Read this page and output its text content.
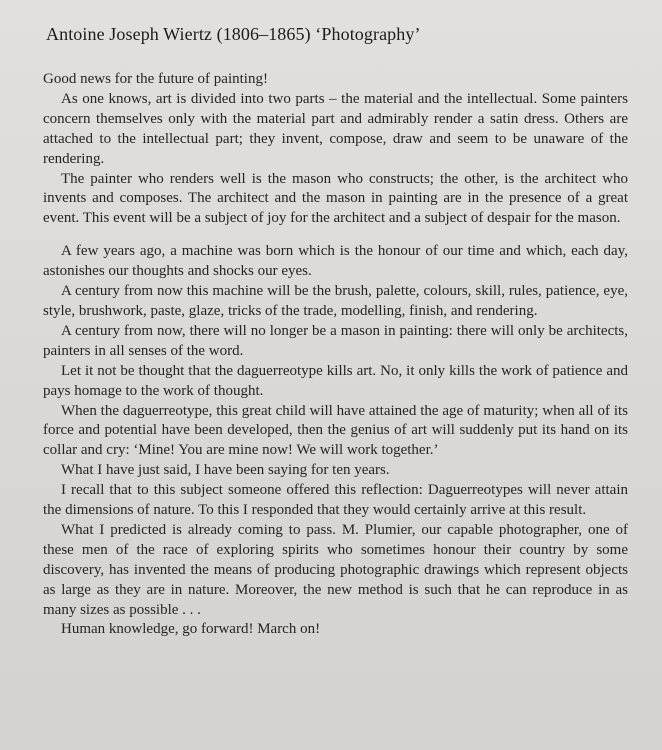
Antoine Joseph Wiertz (1806–1865) ‘Photography’

Good news for the future of painting!

As one knows, art is divided into two parts – the material and the intellectual. Some painters concern themselves only with the material part and admirably render a satin dress. Others are attached to the intellectual part; they invent, compose, draw and seem to be unaware of the rendering.

The painter who renders well is the mason who constructs; the other, is the architect who invents and composes. The architect and the mason in painting are in the presence of a great event. This event will be a subject of joy for the architect and a subject of despair for the mason.

A few years ago, a machine was born which is the honour of our time and which, each day, astonishes our thoughts and shocks our eyes.

A century from now this machine will be the brush, palette, colours, skill, rules, patience, eye, style, brushwork, paste, glaze, tricks of the trade, modelling, finish, and rendering.

A century from now, there will no longer be a mason in painting: there will only be architects, painters in all senses of the word.

Let it not be thought that the daguerreotype kills art. No, it only kills the work of patience and pays homage to the work of thought.

When the daguerreotype, this great child will have attained the age of maturity; when all of its force and potential have been developed, then the genius of art will suddenly put its hand on its collar and cry: ‘Mine! You are mine now! We will work together.’

What I have just said, I have been saying for ten years.

I recall that to this subject someone offered this reflection: Daguerreotypes will never attain the dimensions of nature. To this I responded that they would certainly arrive at this result.

What I predicted is already coming to pass. M. Plumier, our capable photographer, one of these men of the race of exploring spirits who sometimes honour their country by some discovery, has invented the means of producing photographic drawings which represent objects as large as they are in nature. Moreover, the new method is such that he can reproduce in as many sizes as possible . . .

Human knowledge, go forward! March on!
